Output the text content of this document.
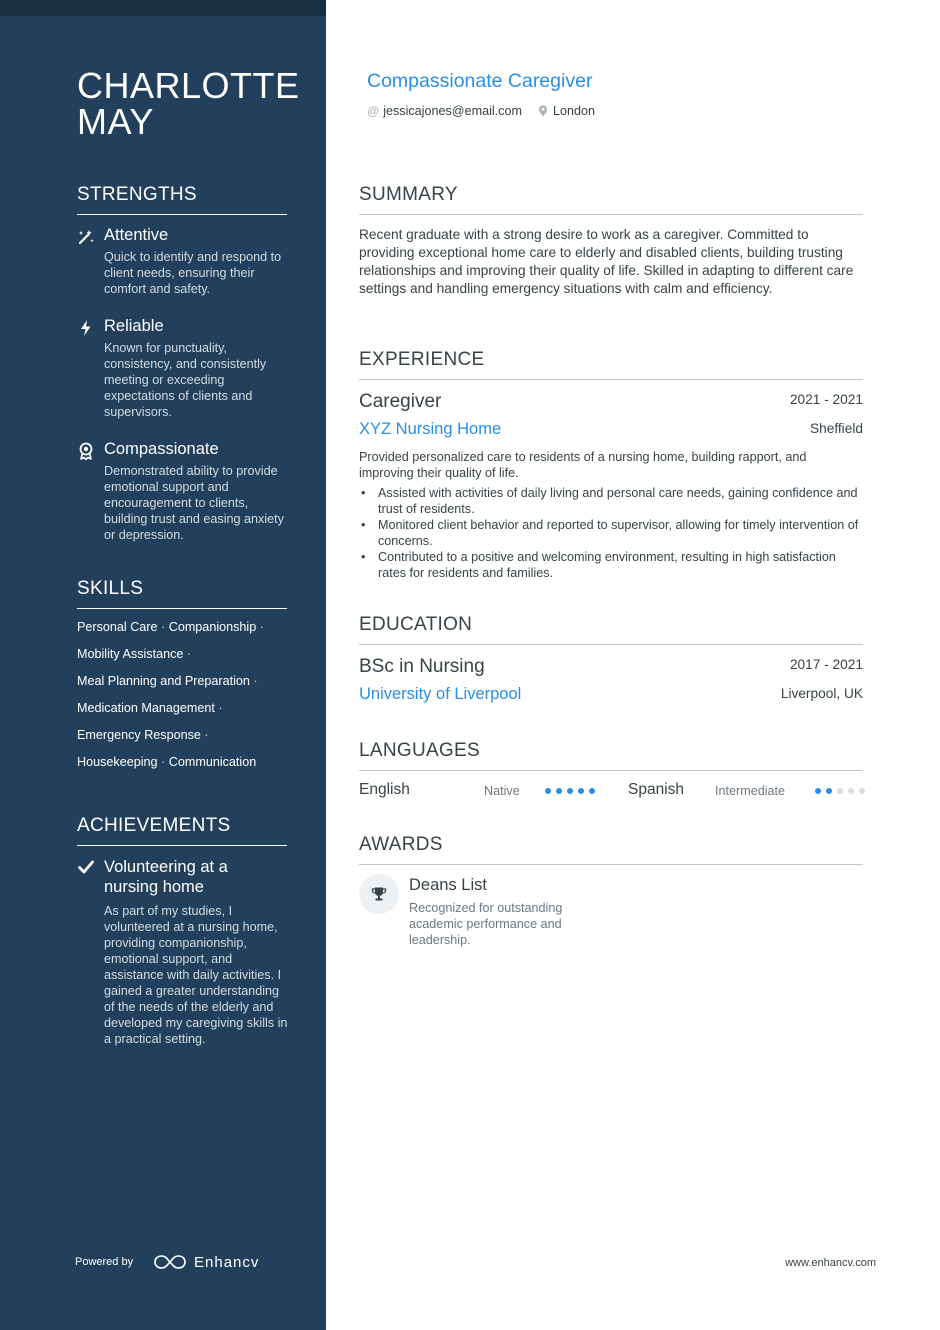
CHARLOTTE MAY
STRENGTHS
Attentive
Quick to identify and respond to client needs, ensuring their comfort and safety.
Reliable
Known for punctuality, consistency, and consistently meeting or exceeding expectations of clients and supervisors.
Compassionate
Demonstrated ability to provide emotional support and encouragement to clients, building trust and easing anxiety or depression.
SKILLS
Personal Care · Companionship ·
Mobility Assistance ·
Meal Planning and Preparation ·
Medication Management ·
Emergency Response ·
Housekeeping · Communication
ACHIEVEMENTS
Volunteering at a nursing home
As part of my studies, I volunteered at a nursing home, providing companionship, emotional support, and assistance with daily activities. I gained a greater understanding of the needs of the elderly and developed my caregiving skills in a practical setting.
Powered by	Enhancv
Compassionate Caregiver
@ jessicajones@email.com London
SUMMARY
Recent graduate with a strong desire to work as a caregiver. Committed to providing exceptional home care to elderly and disabled clients, building trusting relationships and improving their quality of life. Skilled in adapting to different care settings and handling emergency situations with calm and efficiency.
EXPERIENCE
Caregiver	2021 - 2021
XYZ Nursing Home	Sheffield
Provided personalized care to residents of a nursing home, building rapport, and improving their quality of life.
• Assisted with activities of daily living and personal care needs, gaining confidence and trust of residents.
• Monitored client behavior and reported to supervisor, allowing for timely intervention of concerns.
• Contributed to a positive and welcoming environment, resulting in high satisfaction rates for residents and families.
EDUCATION
BSc in Nursing	2017 - 2021
University of Liverpool	Liverpool, UK
LANGUAGES
English	Native	Spanish Intermediate
AWARDS
Deans List
Recognized for outstanding academic performance and leadership.
www.enhancv.com
